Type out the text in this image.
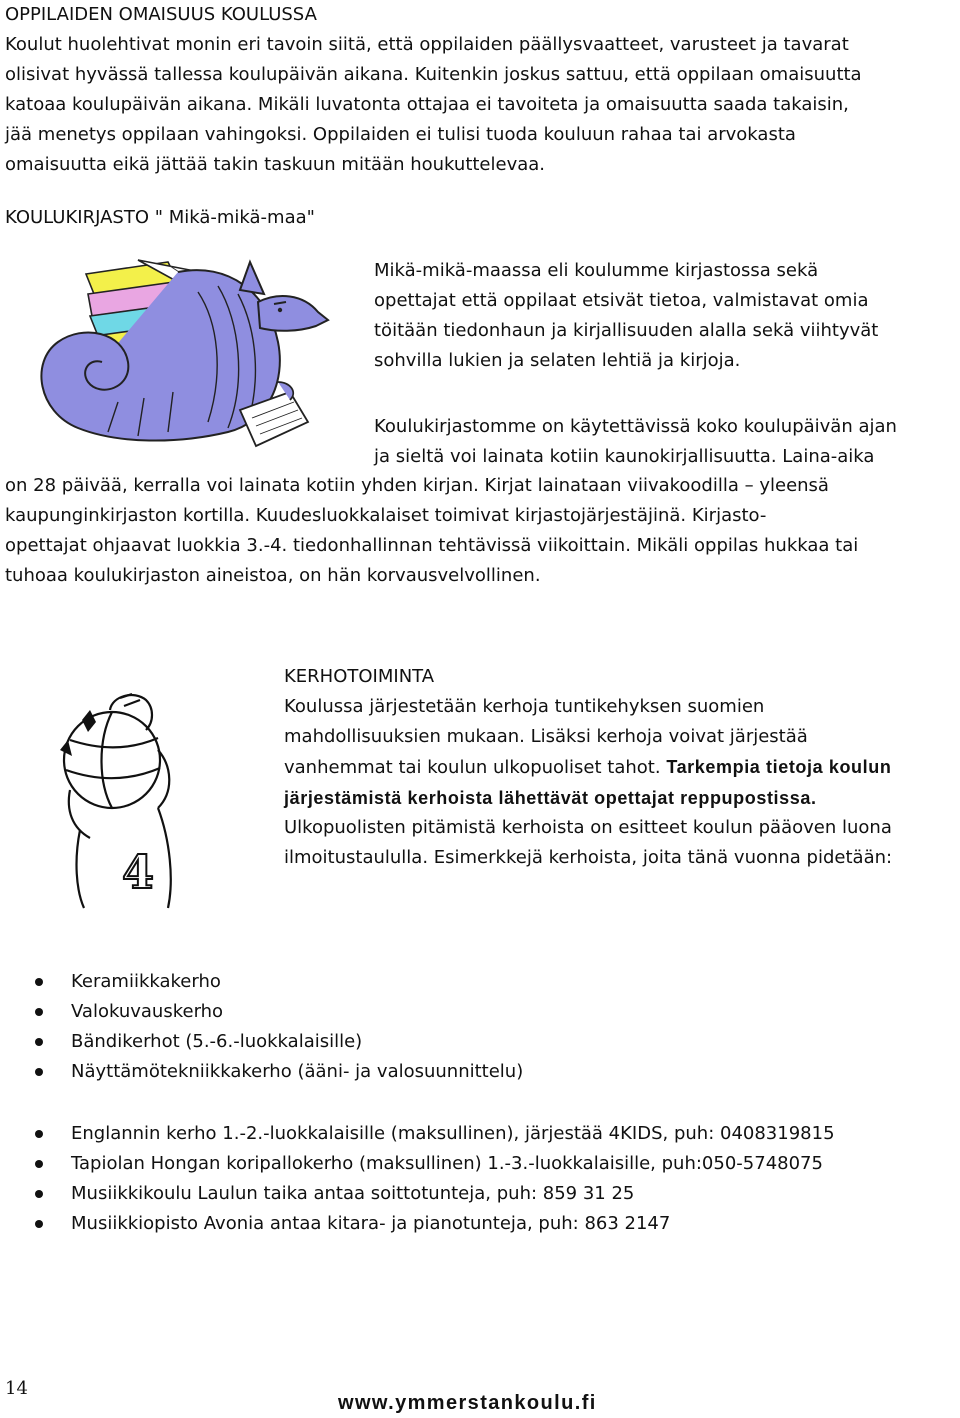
OPPILAIDEN OMAISUUS KOULUSSA
Koulut huolehtivat monin eri tavoin siitä, että oppilaiden päällysvaatteet, varusteet ja tavarat
olisivat hyvässä tallessa koulupäivän aikana. Kuitenkin joskus sattuu, että oppilaan omaisuutta
katoaa koulupäivän aikana. Mikäli luvatonta ottajaa ei tavoiteta ja omaisuutta saada takaisin,
jää menetys oppilaan vahingoksi. Oppilaiden ei tulisi tuoda kouluun rahaa tai arvokasta
omaisuutta eikä jättää takin taskuun mitään houkuttelevaa.
KOULUKIRJASTO " Mikä-mikä-maa"
Mikä-mikä-maassa eli koulumme kirjastossa sekä
opettajat että oppilaat etsivät tietoa, valmistavat omia
töitään tiedonhaun ja kirjallisuuden alalla sekä viihtyvät
sohvilla lukien ja selaten lehtiä ja kirjoja.
Koulukirjastomme on käytettävissä koko koulupäivän ajan
ja sieltä voi lainata kotiin kaunokirjallisuutta. Laina-aika
on 28 päivää, kerralla voi lainata kotiin yhden kirjan. Kirjat lainataan viivakoodilla – yleensä
kaupunginkirjaston kortilla. Kuudesluokkalaiset toimivat kirjastojärjestäjinä. Kirjasto-
opettajat ohjaavat luokkia 3.-4. tiedonhallinnan tehtävissä viikoittain. Mikäli oppilas hukkaa tai
tuhoaa koulukirjaston aineistoa, on hän korvausvelvollinen.
4
KERHOTOIMINTA
Koulussa järjestetään kerhoja tuntikehyksen suomien
mahdollisuuksien mukaan. Lisäksi kerhoja voivat järjestää
vanhemmat tai koulun ulkopuoliset tahot. Tarkempia tietoja koulun
järjestämistä kerhoista lähettävät opettajat reppupostissa.
Ulkopuolisten pitämistä kerhoista on esitteet koulun pääoven luona
ilmoitustaululla. Esimerkkejä kerhoista, joita tänä vuonna pidetään:
Keramiikkakerho
Valokuvauskerho
Bändikerhot (5.-6.-luokkalaisille)
Näyttämötekniikkakerho (ääni- ja valosuunnittelu)
Englannin kerho 1.-2.-luokkalaisille (maksullinen), järjestää 4KIDS, puh: 0408319815
Tapiolan Hongan koripallokerho (maksullinen) 1.-3.-luokkalaisille, puh:050-5748075
Musiikkikoulu Laulun taika antaa soittotunteja, puh: 859 31 25
Musiikkiopisto Avonia antaa kitara- ja pianotunteja, puh: 863 2147
14
www.ymmerstankoulu.fi
